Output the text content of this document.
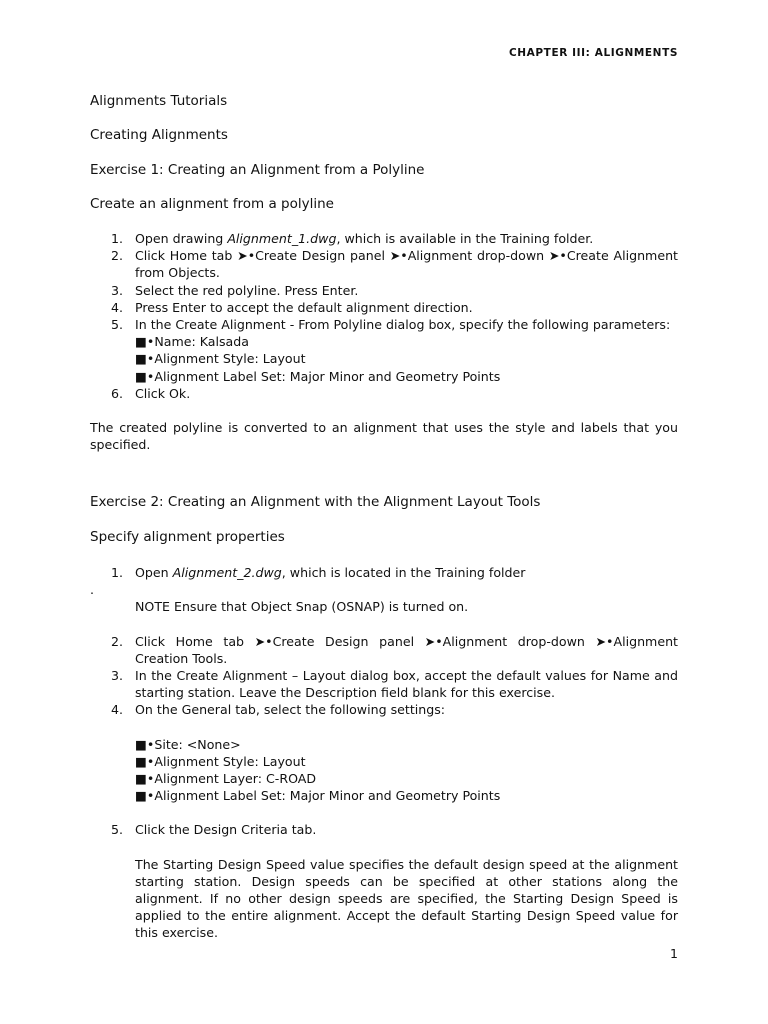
CHAPTER III: ALIGNMENTS
Alignments Tutorials
Creating Alignments
Exercise 1: Creating an Alignment from a Polyline
Create an alignment from a polyline
1. Open drawing Alignment_1.dwg, which is available in the Training folder.
2. Click Home tab ➤•Create Design panel ➤•Alignment drop-down ➤•Create Alignment from Objects.
3. Select the red polyline. Press Enter.
4. Press Enter to accept the default alignment direction.
5. In the Create Alignment - From Polyline dialog box, specify the following parameters:
■•Name: Kalsada
■•Alignment Style: Layout
■•Alignment Label Set: Major Minor and Geometry Points
6. Click Ok.
The created polyline is converted to an alignment that uses the style and labels that you specified.
Exercise 2: Creating an Alignment with the Alignment Layout Tools
Specify alignment properties
1. Open Alignment_2.dwg, which is located in the Training folder
.
NOTE Ensure that Object Snap (OSNAP) is turned on.
2. Click Home tab ➤•Create Design panel ➤•Alignment drop-down ➤•Alignment Creation Tools.
3. In the Create Alignment – Layout dialog box, accept the default values for Name and starting station. Leave the Description field blank for this exercise.
4. On the General tab, select the following settings:
■•Site: <None>
■•Alignment Style: Layout
■•Alignment Layer: C-ROAD
■•Alignment Label Set: Major Minor and Geometry Points
5. Click the Design Criteria tab.
The Starting Design Speed value specifies the default design speed at the alignment starting station. Design speeds can be specified at other stations along the alignment. If no other design speeds are specified, the Starting Design Speed is applied to the entire alignment. Accept the default Starting Design Speed value for this exercise.
1
